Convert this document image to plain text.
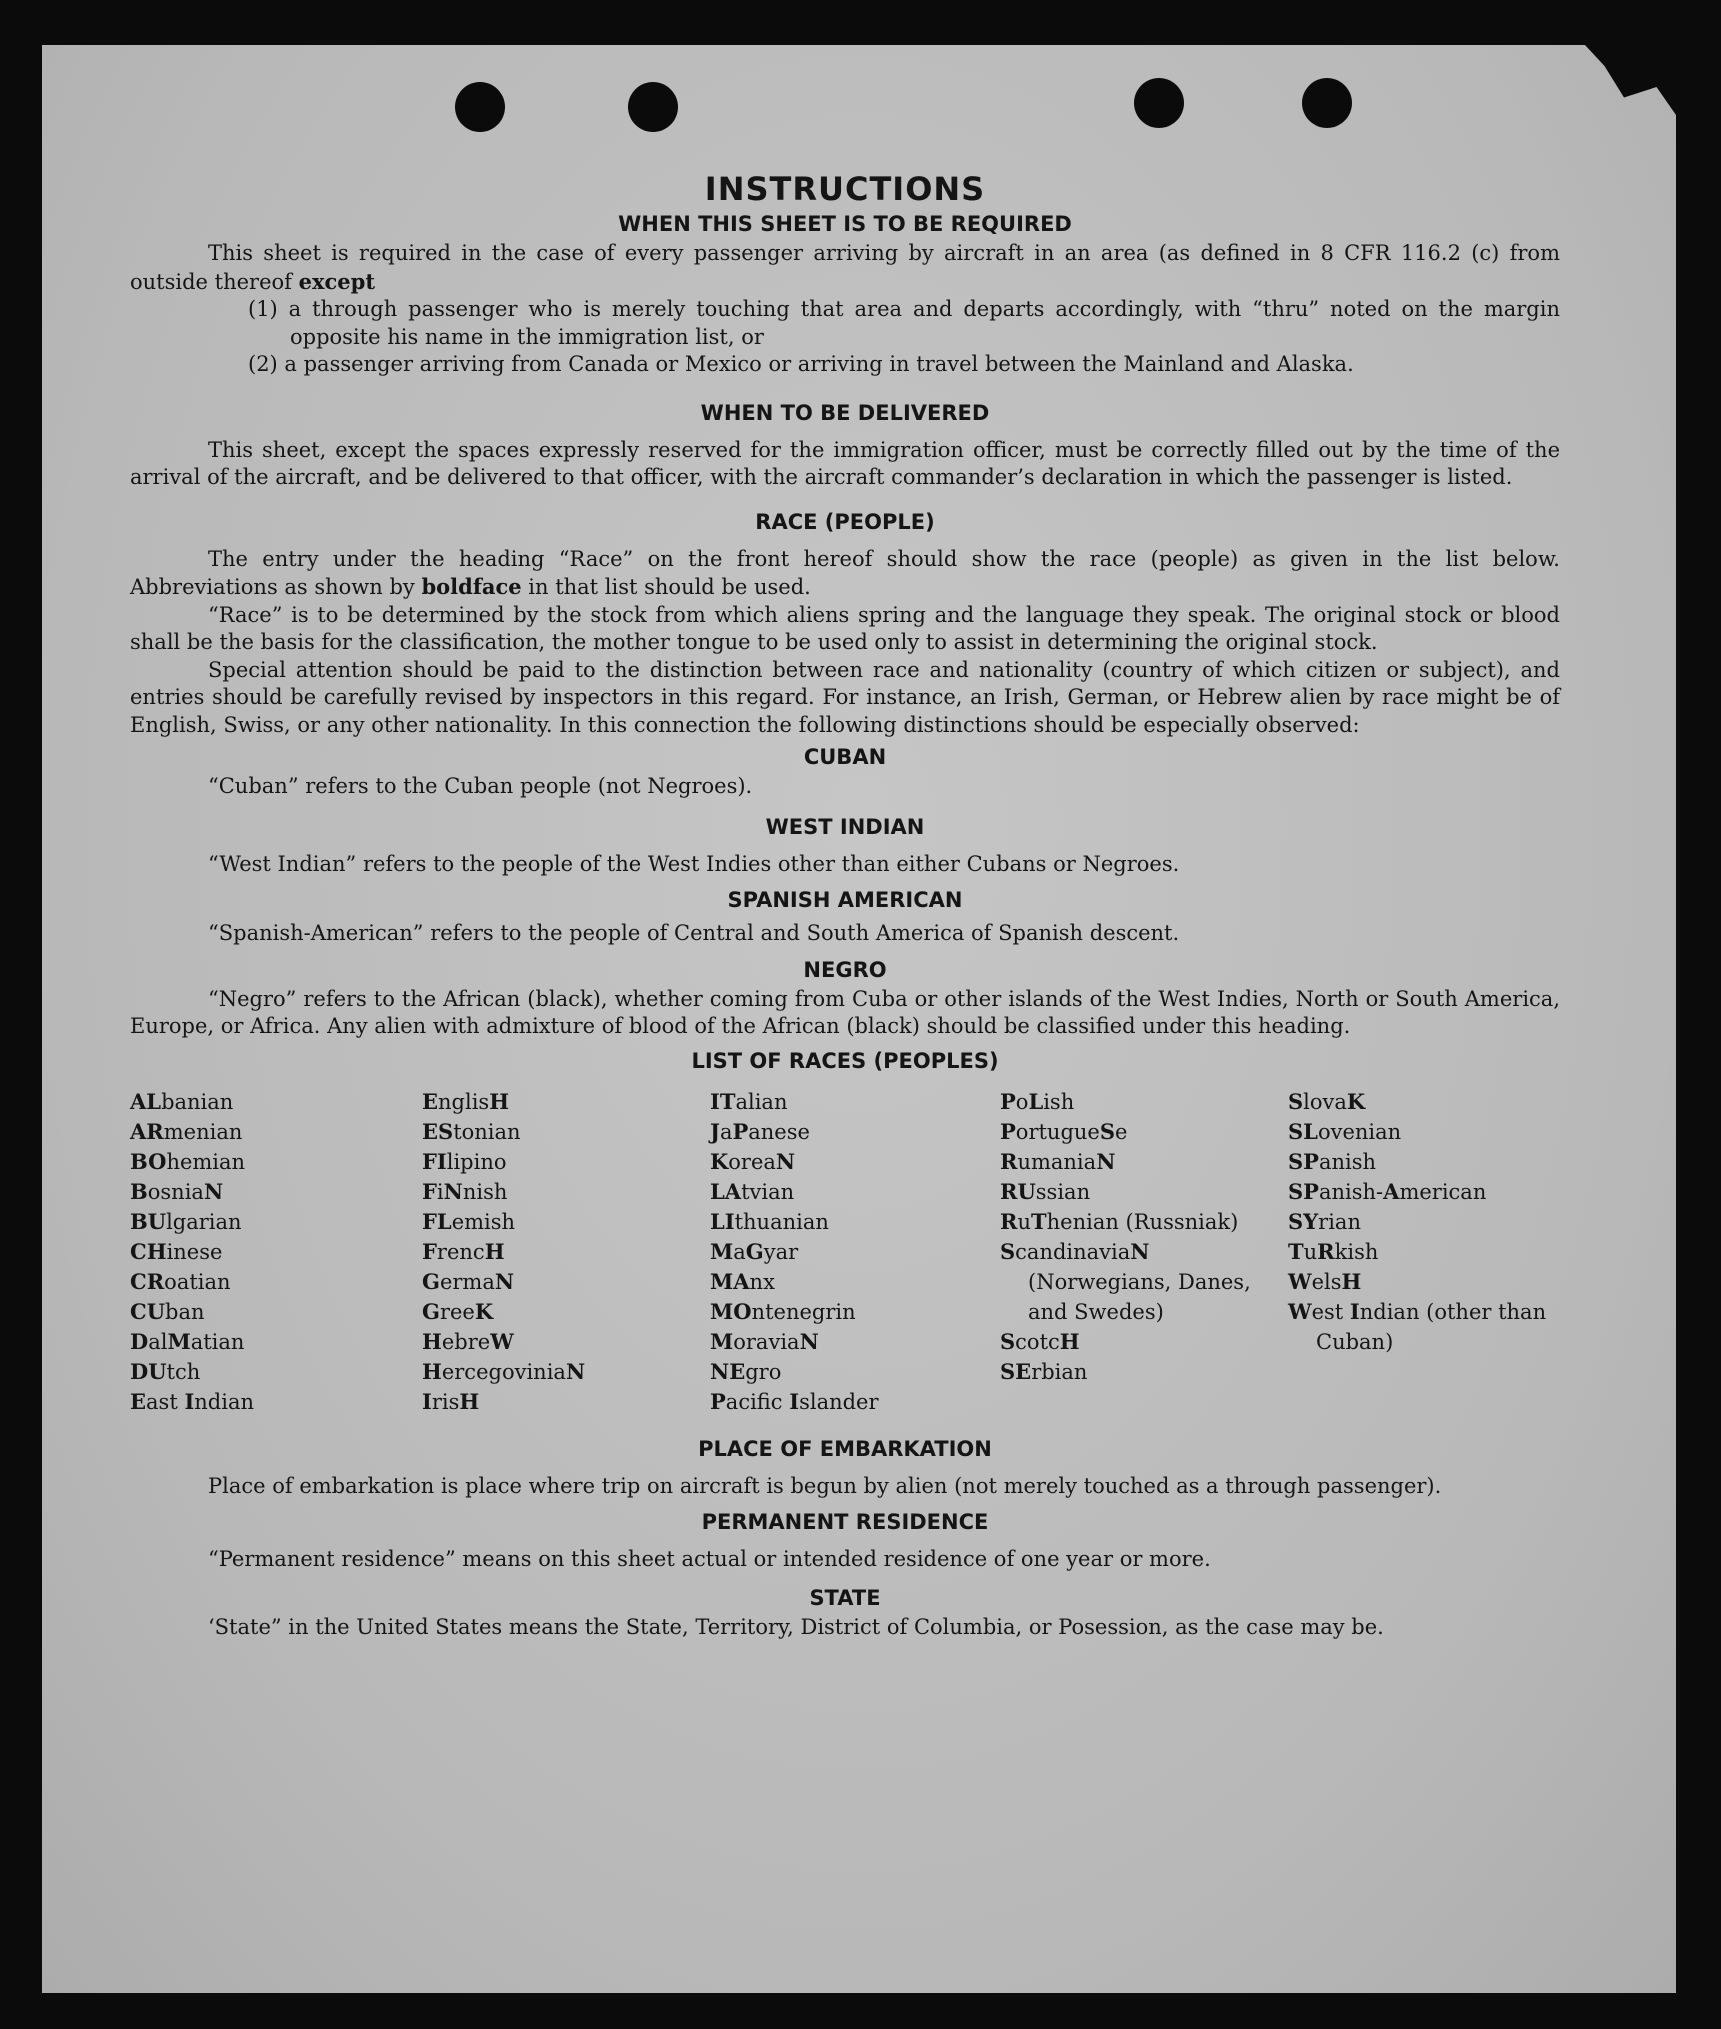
INSTRUCTIONS
WHEN THIS SHEET IS TO BE REQUIRED

This sheet is required in the case of every passenger arriving by aircraft in an area (as defined in 8 CFR 116.2 (c) from outside thereof except

(1) a through passenger who is merely touching that area and departs accordingly, with “thru” noted on the margin opposite his name in the immigration list, or

(2) a passenger arriving from Canada or Mexico or arriving in travel between the Mainland and Alaska.

WHEN TO BE DELIVERED

This sheet, except the spaces expressly reserved for the immigration officer, must be correctly filled out by the time of the arrival of the aircraft, and be delivered to that officer, with the aircraft commander’s declaration in which the passenger is listed.

RACE (PEOPLE)

The entry under the heading “Race” on the front hereof should show the race (people) as given in the list below. Abbreviations as shown by boldface in that list should be used.

“Race” is to be determined by the stock from which aliens spring and the language they speak. The original stock or blood shall be the basis for the classification, the mother tongue to be used only to assist in determining the original stock.

Special attention should be paid to the distinction between race and nationality (country of which citizen or subject), and entries should be carefully revised by inspectors in this regard. For instance, an Irish, German, or Hebrew alien by race might be of English, Swiss, or any other nationality. In this connection the following distinctions should be especially observed:

CUBAN

“Cuban” refers to the Cuban people (not Negroes).

WEST INDIAN

“West Indian” refers to the people of the West Indies other than either Cubans or Negroes.

SPANISH AMERICAN

“Spanish-American” refers to the people of Central and South America of Spanish descent.

NEGRO

“Negro” refers to the African (black), whether coming from Cuba or other islands of the West Indies, North or South America, Europe, or Africa. Any alien with admixture of blood of the African (black) should be classified under this heading.

LIST OF RACES (PEOPLES)
ALbanian
ARmenian
BOhemian
BosniaN
BUlgarian
CHinese
CRoatian
CUban
DalMatian
DUtch
East Indian
EnglisH
EStonian
FIlipino
FiNnish
FLemish
FrencH
GermaN
GreeK
HebreW
HercegoviniaN
IrisH
ITalian
JaPanese
KoreaN
LAtvian
LIthuanian
MaGyar
MAnx
MOntenegrin
MoraviaN
NEgro
Pacific Islander
PoLish
PortugueSe
RumaniaN
RUssian
RuThenian (Russniak)
ScandinaviaN (Norwegians, Danes, and Swedes)
ScotcH
SErbian
SlovaK
SLovenian
SPanish
SPanish-American
SYrian
TuRkish
WelsH
West Indian (other than Cuban)
PLACE OF EMBARKATION

Place of embarkation is place where trip on aircraft is begun by alien (not merely touched as a through passenger).

PERMANENT RESIDENCE

“Permanent residence” means on this sheet actual or intended residence of one year or more.

STATE

‘State” in the United States means the State, Territory, District of Columbia, or Posession, as the case may be.
